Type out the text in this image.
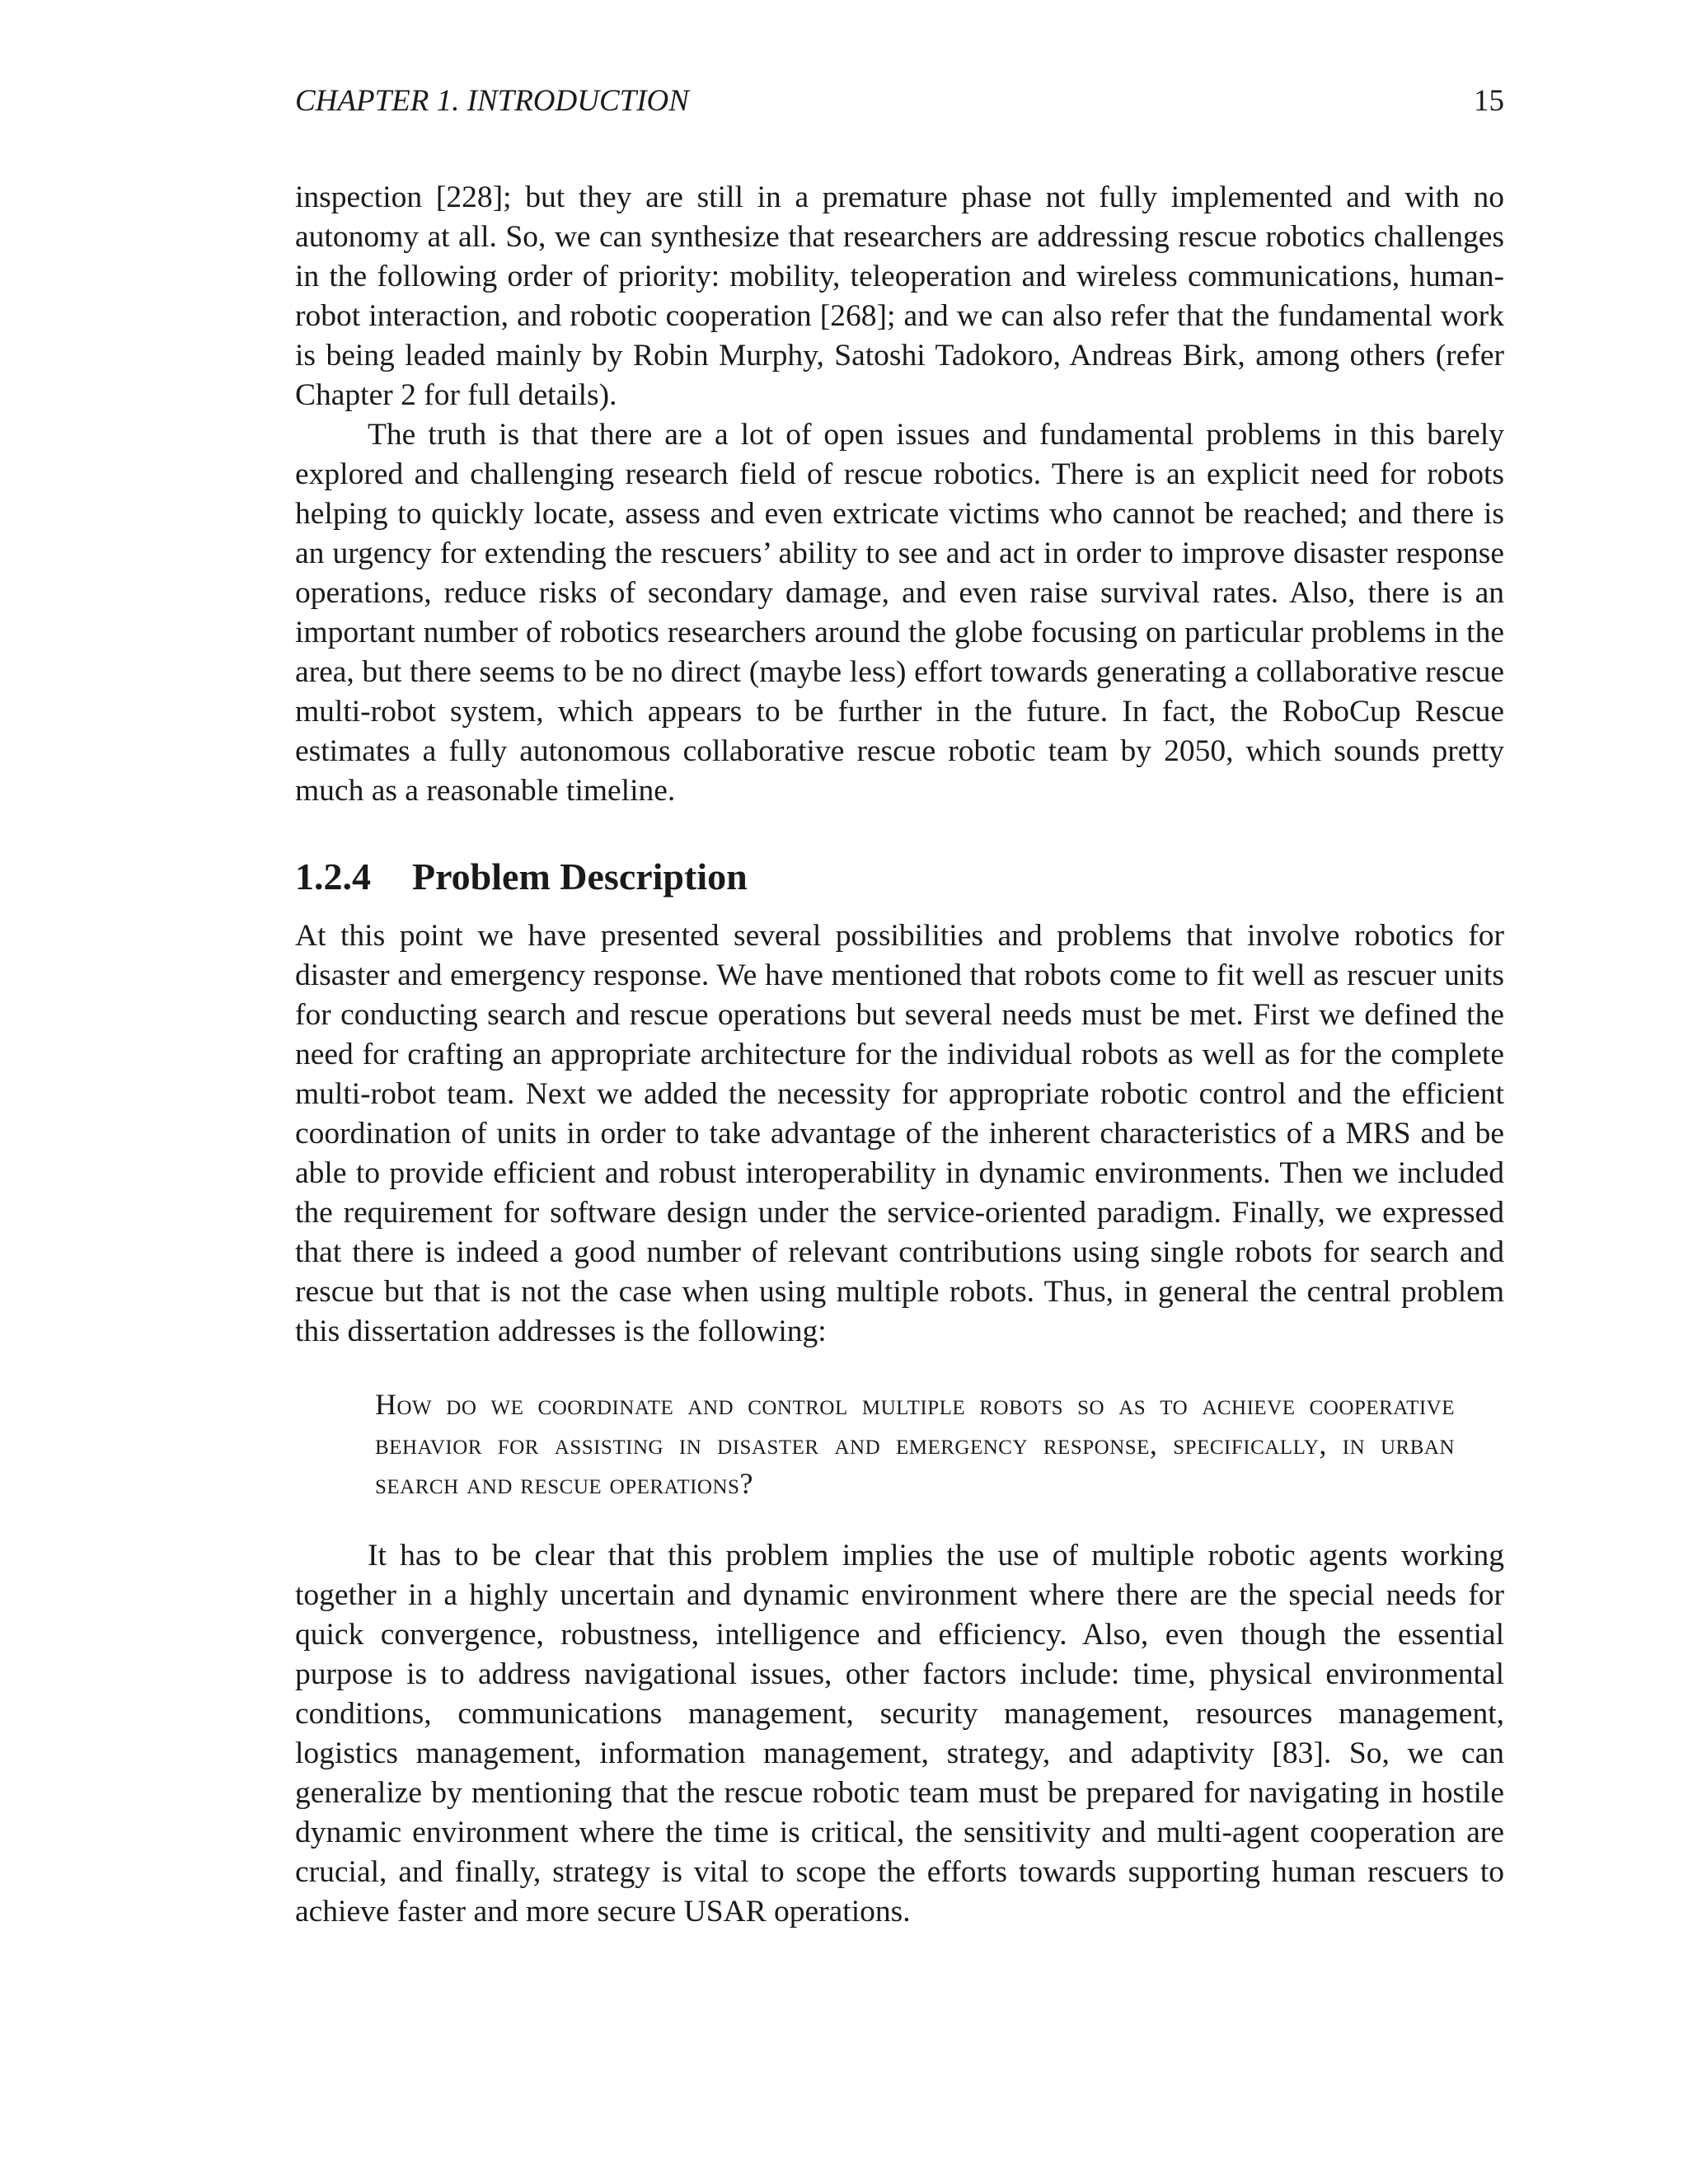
CHAPTER 1. INTRODUCTION	15

inspection [228]; but they are still in a premature phase not fully implemented and with no autonomy at all. So, we can synthesize that researchers are addressing rescue robotics challenges in the following order of priority: mobility, teleoperation and wireless communications, human-robot interaction, and robotic cooperation [268]; and we can also refer that the fundamental work is being leaded mainly by Robin Murphy, Satoshi Tadokoro, Andreas Birk, among others (refer Chapter 2 for full details).

The truth is that there are a lot of open issues and fundamental problems in this barely explored and challenging research field of rescue robotics. There is an explicit need for robots helping to quickly locate, assess and even extricate victims who cannot be reached; and there is an urgency for extending the rescuers’ ability to see and act in order to improve disaster response operations, reduce risks of secondary damage, and even raise survival rates. Also, there is an important number of robotics researchers around the globe focusing on particular problems in the area, but there seems to be no direct (maybe less) effort towards generating a collaborative rescue multi-robot system, which appears to be further in the future. In fact, the RoboCup Rescue estimates a fully autonomous collaborative rescue robotic team by 2050, which sounds pretty much as a reasonable timeline.

1.2.4 Problem Description

At this point we have presented several possibilities and problems that involve robotics for disaster and emergency response. We have mentioned that robots come to fit well as rescuer units for conducting search and rescue operations but several needs must be met. First we defined the need for crafting an appropriate architecture for the individual robots as well as for the complete multi-robot team. Next we added the necessity for appropriate robotic control and the efficient coordination of units in order to take advantage of the inherent characteristics of a MRS and be able to provide efficient and robust interoperability in dynamic environments. Then we included the requirement for software design under the service-oriented paradigm. Finally, we expressed that there is indeed a good number of relevant contributions using single robots for search and rescue but that is not the case when using multiple robots. Thus, in general the central problem this dissertation addresses is the following:

How do we coordinate and control multiple robots so as to achieve cooperative behavior for assisting in disaster and emergency response, specifically, in urban search and rescue operations?

It has to be clear that this problem implies the use of multiple robotic agents working together in a highly uncertain and dynamic environment where there are the special needs for quick convergence, robustness, intelligence and efficiency. Also, even though the essential purpose is to address navigational issues, other factors include: time, physical environmental conditions, communications management, security management, resources management, logistics management, information management, strategy, and adaptivity [83]. So, we can generalize by mentioning that the rescue robotic team must be prepared for navigating in hostile dynamic environment where the time is critical, the sensitivity and multi-agent cooperation are crucial, and finally, strategy is vital to scope the efforts towards supporting human rescuers to achieve faster and more secure USAR operations.
